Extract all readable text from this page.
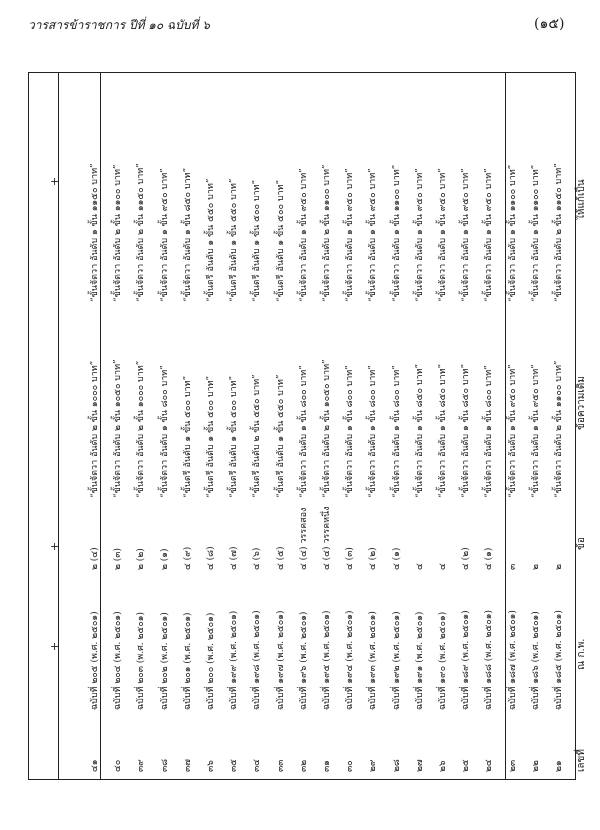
วารสารข้าราชการ ปีที่ ๑๐ ฉบับที่ ๖	(๑๕)
+
+
+
เลขที่
ณ ก.พ.
ข้อ
ข้อความเดิม
ให้แก้เป็น
๒๑
ฉบับที่ ๑๘๕ (พ.ศ. ๒๕๐๑)
๒
“ขั้นจัตวา อันดับ ๒ ขั้น ๑๑๐๐ บาท”
“ขั้นจัตวา อันดับ ๒ ขั้น ๑๑๕๐ บาท”
๒๒
ฉบับที่ ๑๘๖ (พ.ศ. ๒๕๐๑)
๒
“ขั้นจัตวา อันดับ ๑ ขั้น ๙๕๐ บาท”
“ขั้นจัตวา อันดับ ๑ ขั้น ๑๑๐๐ บาท”
๒๓
ฉบับที่ ๑๘๗ (พ.ศ. ๒๕๐๑)
๓
“ขั้นจัตวา อันดับ ๑ ขั้น ๙๕๐ บาท”
“ขั้นจัตวา อันดับ ๑ ขั้น ๑๑๐๐ บาท”
๒๔
ฉบับที่ ๑๘๘ (พ.ศ. ๒๕๐๑)
๔ (๑)
“ขั้นจัตวา อันดับ ๑ ขั้น ๘๐๐ บาท”
“ขั้นจัตวา อันดับ ๑ ขั้น ๙๕๐ บาท”
๒๕
ฉบับที่ ๑๘๙ (พ.ศ. ๒๕๐๑)
๔ (๒)
“ขั้นจัตวา อันดับ ๑ ขั้น ๘๕๐ บาท”
“ขั้นจัตวา อันดับ ๑ ขั้น ๙๕๐ บาท”
๒๖
ฉบับที่ ๑๙๐ (พ.ศ. ๒๕๐๑)
๔
“ขั้นจัตวา อันดับ ๑ ขั้น ๘๕๐ บาท”
“ขั้นจัตวา อันดับ ๑ ขั้น ๙๕๐ บาท”
๒๗
ฉบับที่ ๑๙๑ (พ.ศ. ๒๕๐๑)
๔
“ขั้นจัตวา อันดับ ๑ ขั้น ๘๕๐ บาท”
“ขั้นจัตวา อันดับ ๑ ขั้น ๙๕๐ บาท”
๒๘
ฉบับที่ ๑๙๒ (พ.ศ. ๒๕๐๑)
๔ (๑)
“ขั้นจัตวา อันดับ ๑ ขั้น ๘๐๐ บาท”
“ขั้นจัตวา อันดับ ๑ ขั้น ๑๑๐๐ บาท”
๒๙
ฉบับที่ ๑๙๓ (พ.ศ. ๒๕๐๑)
๔ (๒)
“ขั้นจัตวา อันดับ ๑ ขั้น ๘๐๐ บาท”
“ขั้นจัตวา อันดับ ๑ ขั้น ๙๕๐ บาท”
๓๐
ฉบับที่ ๑๙๔ (พ.ศ. ๒๕๐๑)
๔ (๓)
“ขั้นจัตวา อันดับ ๑ ขั้น ๘๐๐ บาท”
“ขั้นจัตวา อันดับ ๑ ขั้น ๙๕๐ บาท”
๓๑
ฉบับที่ ๑๙๕ (พ.ศ. ๒๕๐๑)
๔ (๔) วรรคหนึ่ง
“ขั้นจัตวา อันดับ ๒ ขั้น ๑๐๕๐ บาท”
“ขั้นจัตวา อันดับ ๒ ขั้น ๑๑๐๐ บาท”
๓๒
ฉบับที่ ๑๙๖ (พ.ศ. ๒๕๐๑)
๔ (๔) วรรคสอง
“ขั้นจัตวา อันดับ ๑ ขั้น ๘๐๐ บาท”
“ขั้นจัตวา อันดับ ๑ ขั้น ๙๕๐ บาท”
๓๓
ฉบับที่ ๑๙๗ (พ.ศ. ๒๕๐๑)
๔ (๕)
“ขั้นตรี อันดับ ๑ ขั้น ๕๕๐ บาท”
“ขั้นตรี อันดับ ๑ ขั้น ๕๐๐ บาท”
๓๔
ฉบับที่ ๑๙๘ (พ.ศ. ๒๕๐๑)
๔ (๖)
“ขั้นตรี อันดับ ๒ ขั้น ๕๕๐ บาท”
“ขั้นตรี อันดับ ๑ ขั้น ๕๐๐ บาท”
๓๕
ฉบับที่ ๑๙๙ (พ.ศ. ๒๕๐๑)
๔ (๗)
“ขั้นตรี อันดับ ๑ ขั้น ๕๐๐ บาท”
“ขั้นตรี อันดับ ๑ ขั้น ๕๕๐ บาท”
๓๖
ฉบับที่ ๒๐๐ (พ.ศ. ๒๕๐๑)
๔ (๘)
“ขั้นตรี อันดับ ๑ ขั้น ๕๐๐ บาท”
“ขั้นตรี อันดับ ๑ ขั้น ๕๕๐ บาท”
๓๗
ฉบับที่ ๒๐๑ (พ.ศ. ๒๕๐๑)
๔ (๙)
“ขั้นตรี อันดับ ๑ ขั้น ๕๐๐ บาท”
“ขั้นจัตวา อันดับ ๑ ขั้น ๘๕๐ บาท”
๓๘
ฉบับที่ ๒๐๒ (พ.ศ. ๒๕๐๑)
๒ (๑)
“ขั้นจัตวา อันดับ ๑ ขั้น ๘๐๐ บาท”
“ขั้นจัตวา อันดับ ๑ ขั้น ๙๕๐ บาท”
๓๙
ฉบับที่ ๒๐๓ (พ.ศ. ๒๕๐๑)
๒ (๒)
“ขั้นจัตวา อันดับ ๒ ขั้น ๑๐๐๐ บาท”
“ขั้นจัตวา อันดับ ๒ ขั้น ๑๑๕๐ บาท”
๔๐
ฉบับที่ ๒๐๔ (พ.ศ. ๒๕๐๑)
๒ (๓)
“ขั้นจัตวา อันดับ ๒ ขั้น ๑๐๕๐ บาท”
“ขั้นจัตวา อันดับ ๒ ขั้น ๑๑๐๐ บาท”
๔๑
ฉบับที่ ๒๐๕ (พ.ศ. ๒๕๐๑)
๒ (๔)
“ขั้นจัตวา อันดับ ๒ ขั้น ๑๐๐๐ บาท”
“ขั้นจัตวา อันดับ ๑ ขั้น ๑๑๕๐ บาท”
